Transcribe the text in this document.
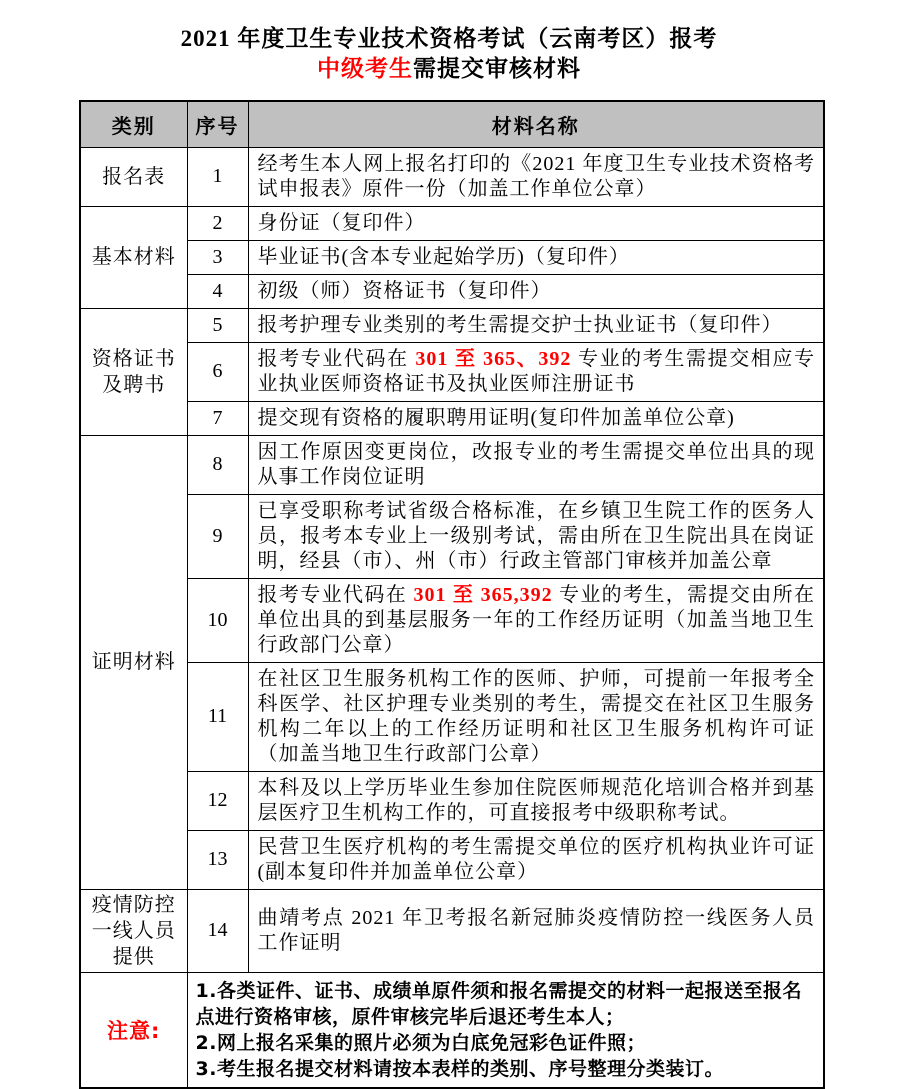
2021 年度卫生专业技术资格考试（云南考区）报考
中级考生需提交审核材料
类别	序号	材料名称
报名表	1	经考生本人网上报名打印的《2021 年度卫生专业技术资格考试申报表》原件一份（加盖工作单位公章）
基本材料	2	身份证（复印件）
	3	毕业证书(含本专业起始学历)（复印件）
	4	初级（师）资格证书（复印件）
资格证书及聘书	5	报考护理专业类别的考生需提交护士执业证书（复印件）
	6	报考专业代码在 301 至 365、392 专业的考生需提交相应专业执业医师资格证书及执业医师注册证书
	7	提交现有资格的履职聘用证明(复印件加盖单位公章)
证明材料	8	因工作原因变更岗位，改报专业的考生需提交单位出具的现从事工作岗位证明
	9	已享受职称考试省级合格标准，在乡镇卫生院工作的医务人员，报考本专业上一级别考试，需由所在卫生院出具在岗证明，经县（市）、州（市）行政主管部门审核并加盖公章
	10	报考专业代码在 301 至 365,392 专业的考生，需提交由所在单位出具的到基层服务一年的工作经历证明（加盖当地卫生行政部门公章）
	11	在社区卫生服务机构工作的医师、护师，可提前一年报考全科医学、社区护理专业类别的考生，需提交在社区卫生服务机构二年以上的工作经历证明和社区卫生服务机构许可证（加盖当地卫生行政部门公章）
	12	本科及以上学历毕业生参加住院医师规范化培训合格并到基层医疗卫生机构工作的，可直接报考中级职称考试。
	13	民营卫生医疗机构的考生需提交单位的医疗机构执业许可证(副本复印件并加盖单位公章）
疫情防控一线人员提供	14	曲靖考点 2021 年卫考报名新冠肺炎疫情防控一线医务人员工作证明
注意:	1.各类证件、证书、成绩单原件须和报名需提交的材料一起报送至报名点进行资格审核，原件审核完毕后退还考生本人；
2.网上报名采集的照片必须为白底免冠彩色证件照；
3.考生报名提交材料请按本表样的类别、序号整理分类装订。	
